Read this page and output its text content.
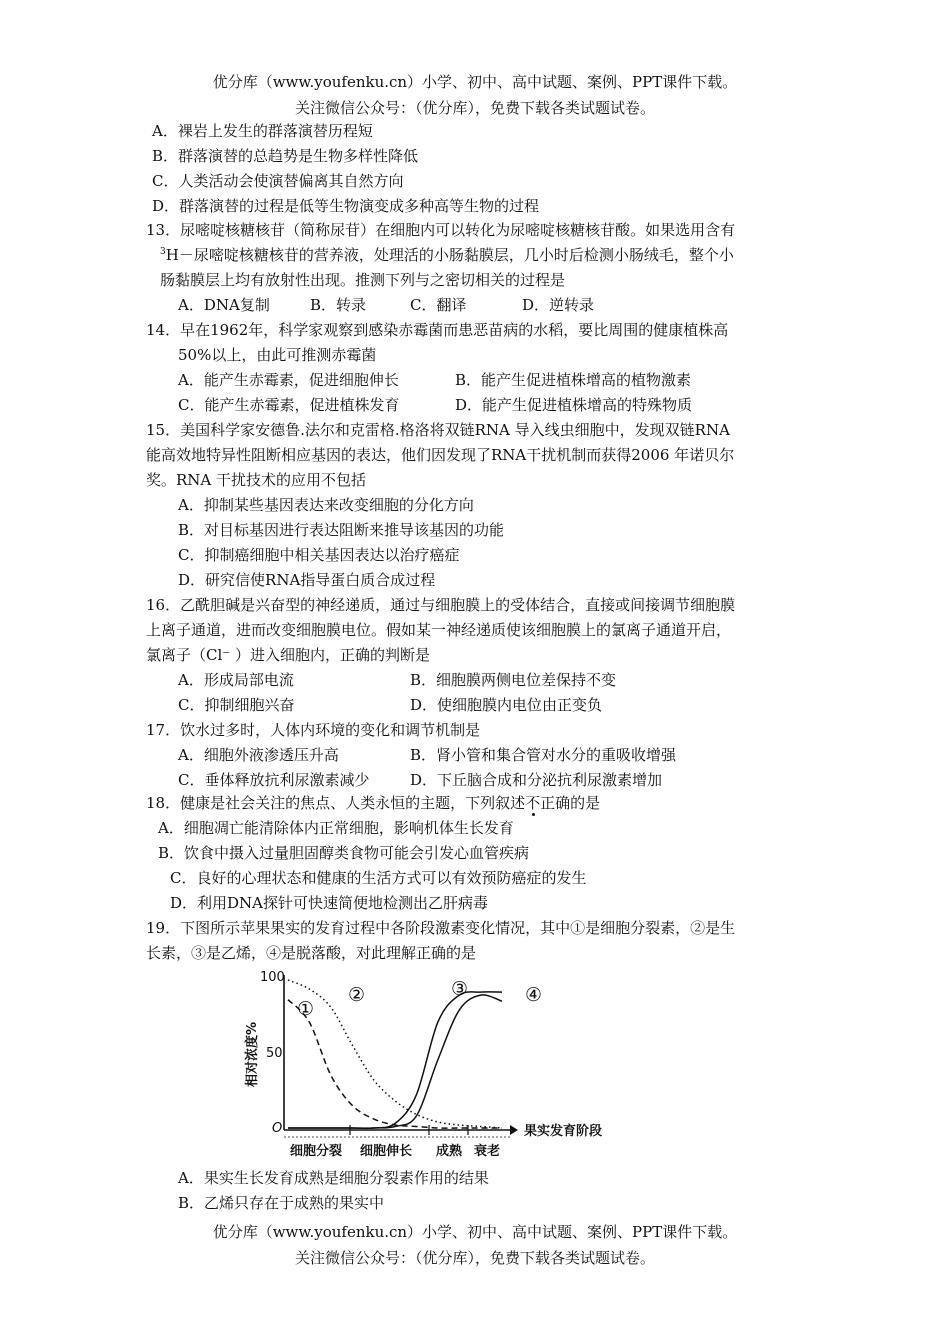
优分库（www.youfenku.cn）小学、初中、高中试题、案例、PPT课件下载。
关注微信公众号：（优分库），免费下载各类试题试卷。
A．裸岩上发生的群落演替历程短
B．群落演替的总趋势是生物多样性降低
C．人类活动会使演替偏离其自然方向
D．群落演替的过程是低等生物演变成多种高等生物的过程
13．尿嘧啶核糖核苷（简称尿苷）在细胞内可以转化为尿嘧啶核糖核苷酸。如果选用含有
$^3$H－尿嘧啶核糖核苷的营养液，处理活的小肠黏膜层，几小时后检测小肠绒毛，整个小
肠黏膜层上均有放射性出现。推测下列与之密切相关的过程是
A．DNA复制	B．转录	C．翻译	D．逆转录
14．早在1962年，科学家观察到感染赤霉菌而患恶苗病的水稻，要比周围的健康植株高
50%以上，由此可推测赤霉菌
A．能产生赤霉素，促进细胞伸长	B．能产生促进植株增高的植物激素
C．能产生赤霉素，促进植株发育	D．能产生促进植株增高的特殊物质
15．美国科学家安德鲁.法尔和克雷格.格洛将双链RNA 导入线虫细胞中，发现双链RNA
能高效地特异性阻断相应基因的表达，他们因发现了RNA干扰机制而获得2006 年诺贝尔
奖。RNA 干扰技术的应用不包括
A．抑制某些基因表达来改变细胞的分化方向
B．对目标基因进行表达阻断来推导该基因的功能
C．抑制癌细胞中相关基因表达以治疗癌症
D．研究信使RNA指导蛋白质合成过程
16．乙酰胆碱是兴奋型的神经递质，通过与细胞膜上的受体结合，直接或间接调节细胞膜
上离子通道，进而改变细胞膜电位。假如某一神经递质使该细胞膜上的氯离子通道开启，
氯离子（Cl⁻ ）进入细胞内，正确的判断是
A．形成局部电流	B．细胞膜两侧电位差保持不变
C．抑制细胞兴奋	D．使细胞膜内电位由正变负
17．饮水过多时，人体内环境的变化和调节机制是
A．细胞外液渗透压升高	B．肾小管和集合管对水分的重吸收增强
C．垂体释放抗利尿激素减少	D．下丘脑合成和分泌抗利尿激素增加
18．健康是社会关注的焦点、人类永恒的主题，下列叙述不正确的是
A．细胞凋亡能清除体内正常细胞，影响机体生长发育
B．饮食中摄入过量胆固醇类食物可能会引发心血管疾病
C．良好的心理状态和健康的生活方式可以有效预防癌症的发生
D．利用DNA探针可快速简便地检测出乙肝病毒
19．下图所示苹果果实的发育过程中各阶段激素变化情况，其中①是细胞分裂素，②是生
长素，③是乙烯，④是脱落酸，对此理解正确的是
100
50
O
相对浓度%
细胞分裂 细胞伸长 成熟 衰老
果实发育阶段
①
②	③	④
A．果实生长发育成熟是细胞分裂素作用的结果
B．乙烯只存在于成熟的果实中
优分库（www.youfenku.cn）小学、初中、高中试题、案例、PPT课件下载。
关注微信公众号：（优分库），免费下载各类试题试卷。
